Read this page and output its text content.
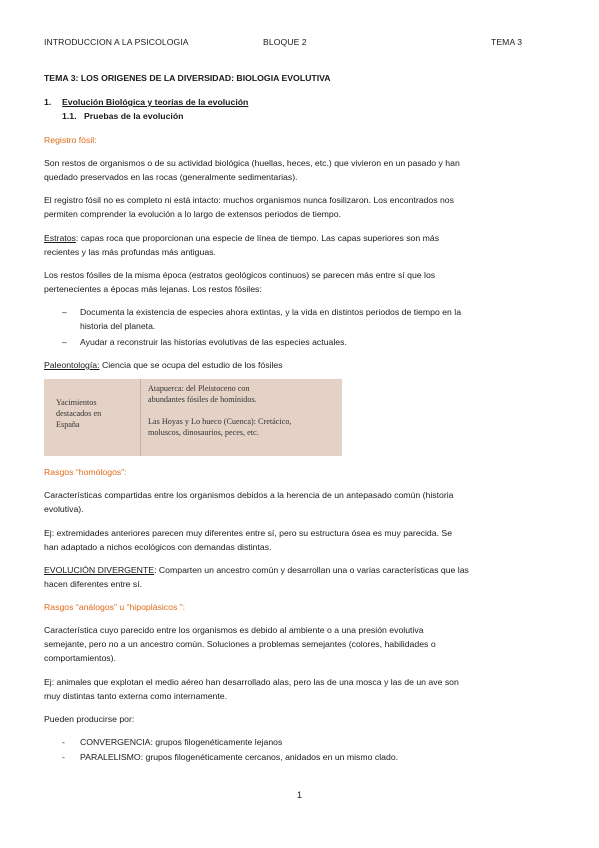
INTRODUCCION A LA PSICOLOGIA	BLOQUE 2	TEMA 3
TEMA 3: LOS ORIGENES DE LA DIVERSIDAD: BIOLOGIA EVOLUTIVA
1. Evolución Biológica y teorías de la evolución
1.1. Pruebas de la evolución
Registro fósil:
Son restos de organismos o de su actividad biológica (huellas, heces, etc.) que vivieron en un pasado y han
quedado preservados en las rocas (generalmente sedimentarias).
El registro fósil no es completo ni está intacto: muchos organismos nunca fosilizaron. Los encontrados nos
permiten comprender la evolución a lo largo de extensos periodos de tiempo.
Estratos: capas roca que proporcionan una especie de línea de tiempo. Las capas superiores son más
recientes y las más profundas más antiguas.
Los restos fósiles de la misma época (estratos geológicos continuos) se parecen más entre sí que los
pertenecientes a épocas más lejanas. Los restos fósiles:
– Documenta la existencia de especies ahora extintas, y la vida en distintos periodos de tiempo en la
historia del planeta.
– Ayudar a reconstruir las historias evolutivas de las especies actuales.
Paleontología: Ciencia que se ocupa del estudio de los fósiles
Yacimientos
destacados en
España
Atapuerca: del Pleistoceno con
abundantes fósiles de homínidos.
Las Hoyas y Lo hueco (Cuenca): Cretácico,
moluscos, dinosaurios, peces, etc.
Rasgos “homólogos”:
Características compartidas entre los organismos debidos a la herencia de un antepasado común (historia
evolutiva).
Ej: extremidades anteriores parecen muy diferentes entre sí, pero su estructura ósea es muy parecida. Se
han adaptado a nichos ecológicos con demandas distintas.
EVOLUCIÓN DIVERGENTE: Comparten un ancestro común y desarrollan una o varias características que las
hacen diferentes entre sí.
Rasgos “análogos” u “hipoplásicos ”:
Característica cuyo parecido entre los organismos es debido al ambiente o a una presión evolutiva
semejante, pero no a un ancestro común. Soluciones a problemas semejantes (colores, habilidades o
comportamientos).
Ej: animales que explotan el medio aéreo han desarrollado alas, pero las de una mosca y las de un ave son
muy distintas tanto externa como internamente.
Pueden producirse por:
- CONVERGENCIA: grupos filogenéticamente lejanos
- PARALELISMO: grupos filogenéticamente cercanos, anidados en un mismo clado.
1
